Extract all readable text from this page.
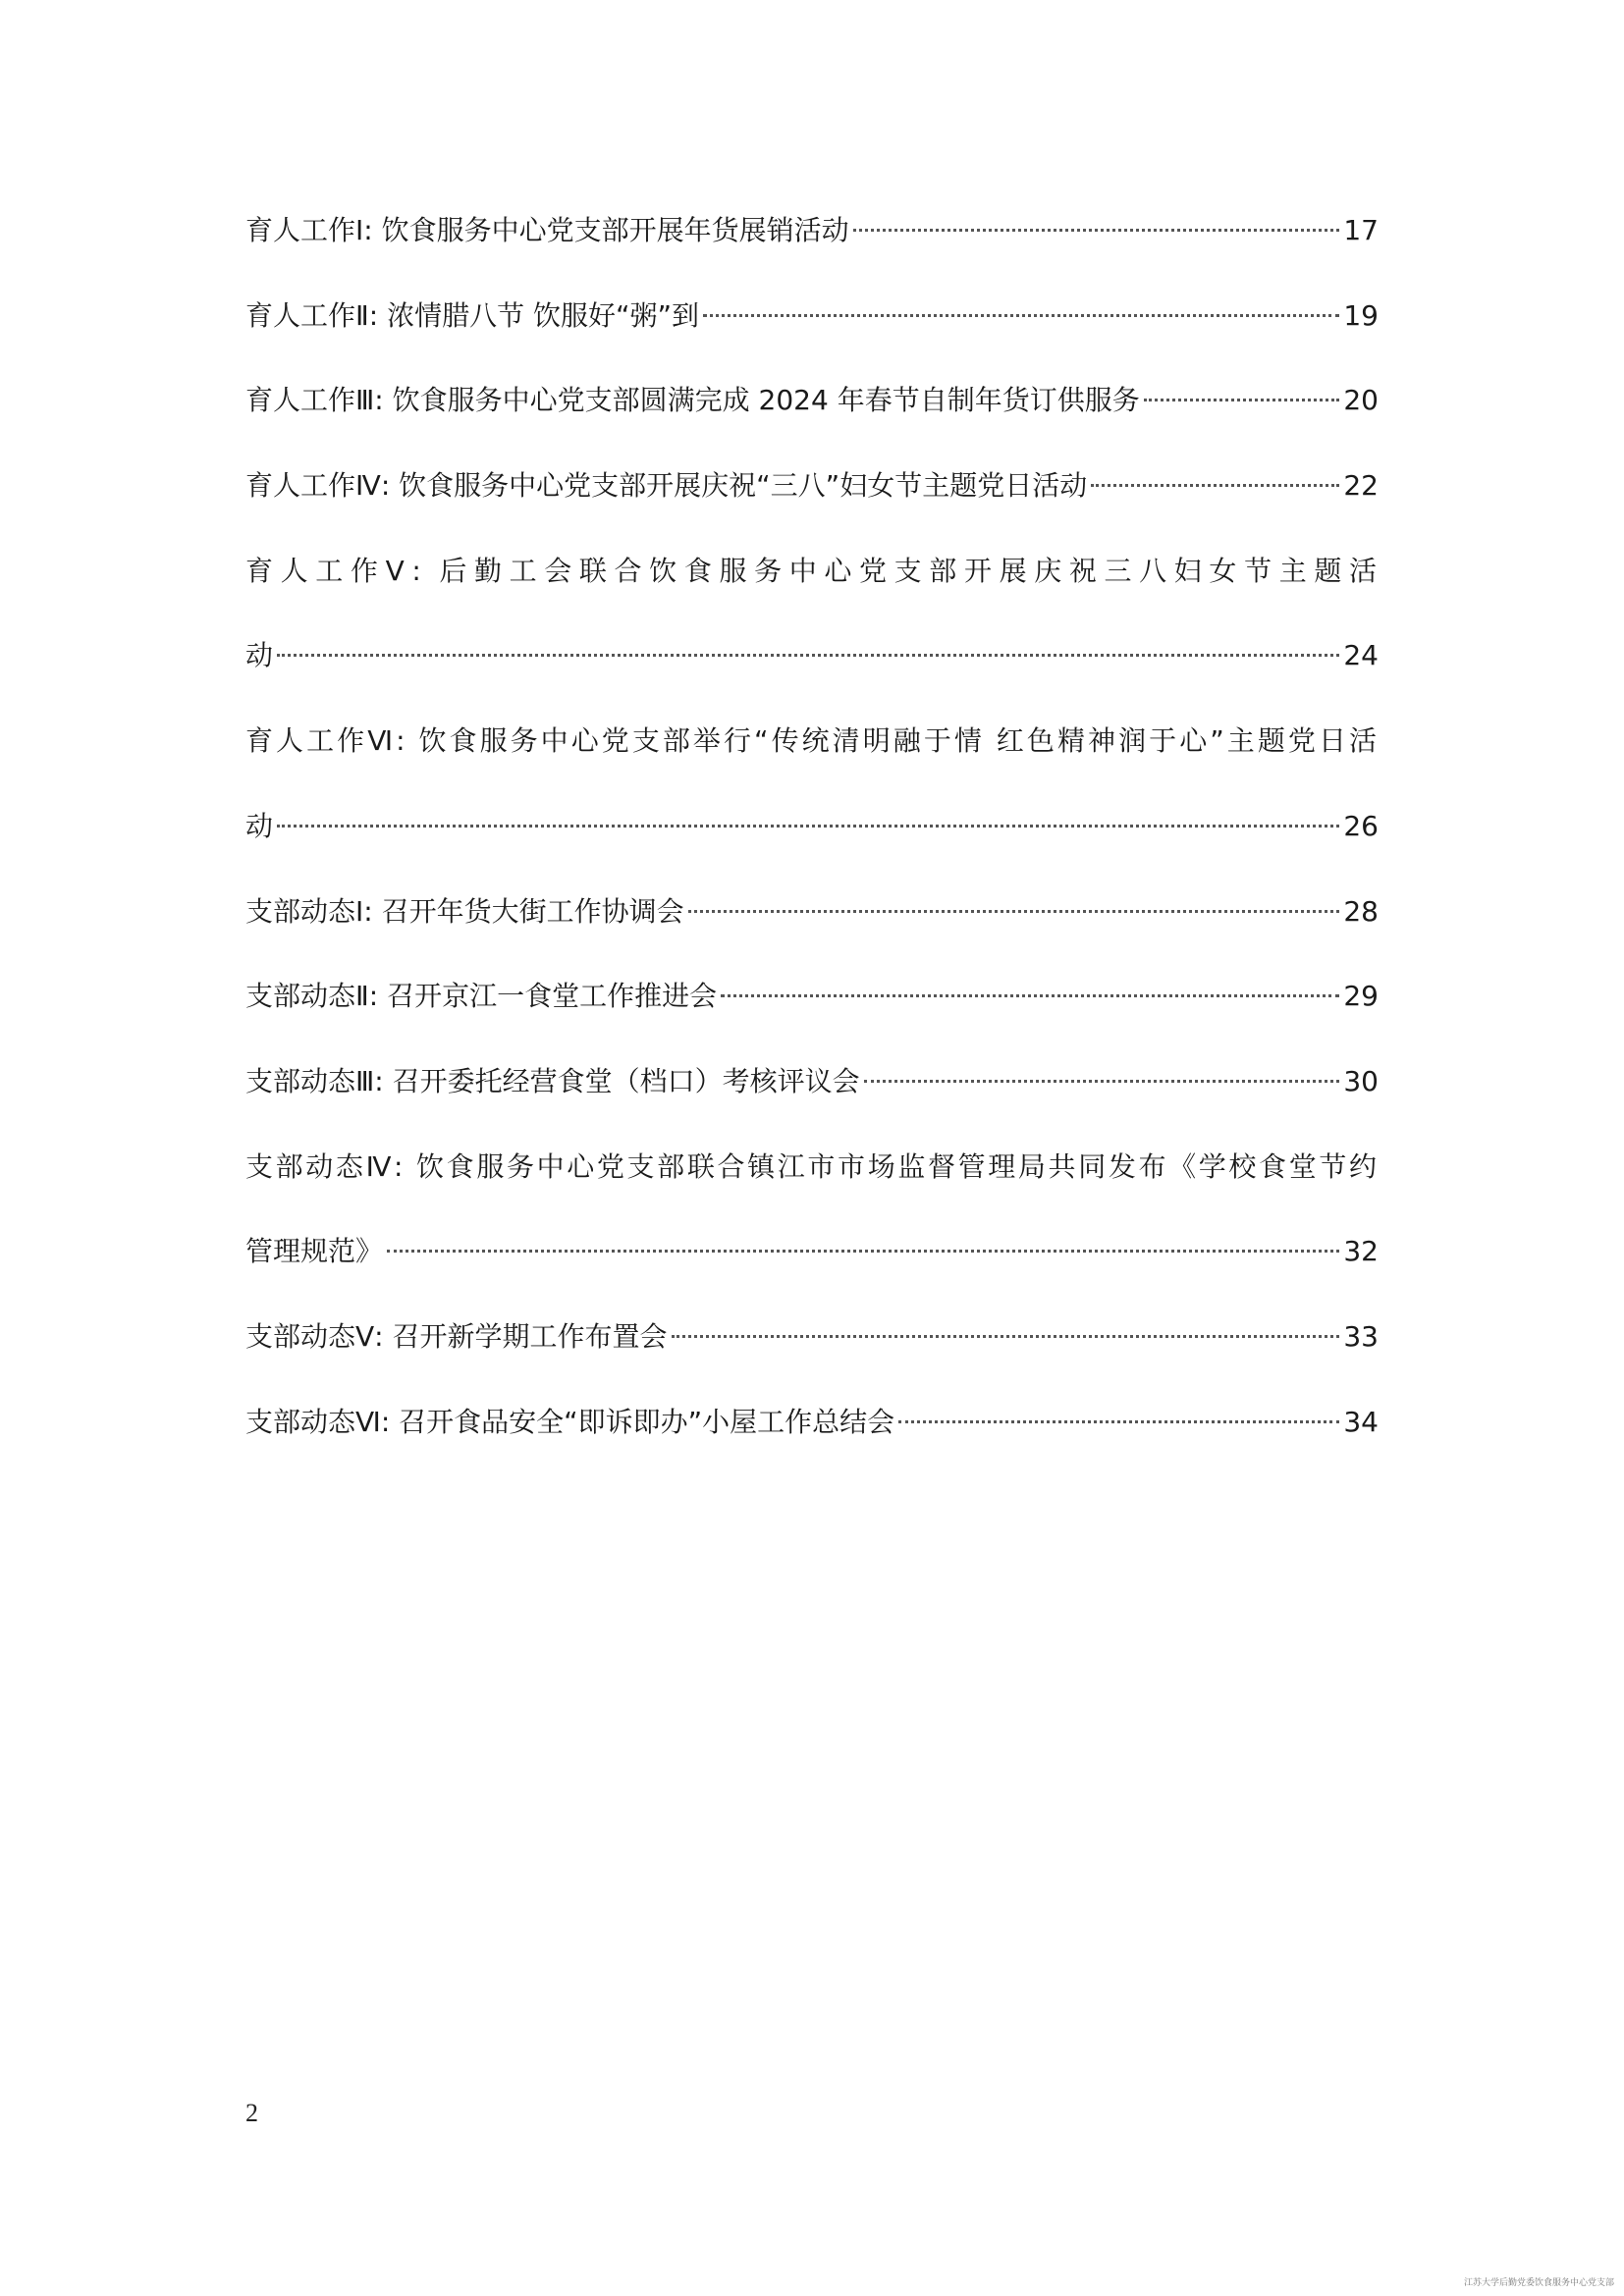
育人工作Ⅰ: 饮食服务中心党支部开展年货展销活动	17
育人工作Ⅱ: 浓情腊八节 饮服好“粥”到	19
育人工作Ⅲ: 饮食服务中心党支部圆满完成 2024 年春节自制年货订供服务	20
育人工作Ⅳ: 饮食服务中心党支部开展庆祝“三八”妇女节主题党日活动	22
育人工作Ⅴ: 后勤工会联合饮食服务中心党支部开展庆祝三八妇女节主题活
动	24
育人工作Ⅵ: 饮食服务中心党支部举行“传统清明融于情 红色精神润于心”主题党日活
动	26
支部动态Ⅰ: 召开年货大街工作协调会	28
支部动态Ⅱ: 召开京江一食堂工作推进会	29
支部动态Ⅲ: 召开委托经营食堂（档口）考核评议会	30
支部动态Ⅳ: 饮食服务中心党支部联合镇江市市场监督管理局共同发布《学校食堂节约
管理规范》	32
支部动态Ⅴ: 召开新学期工作布置会	33
支部动态Ⅵ: 召开食品安全“即诉即办”小屋工作总结会	34
2
江苏大学后勤党委饮食服务中心党支部
